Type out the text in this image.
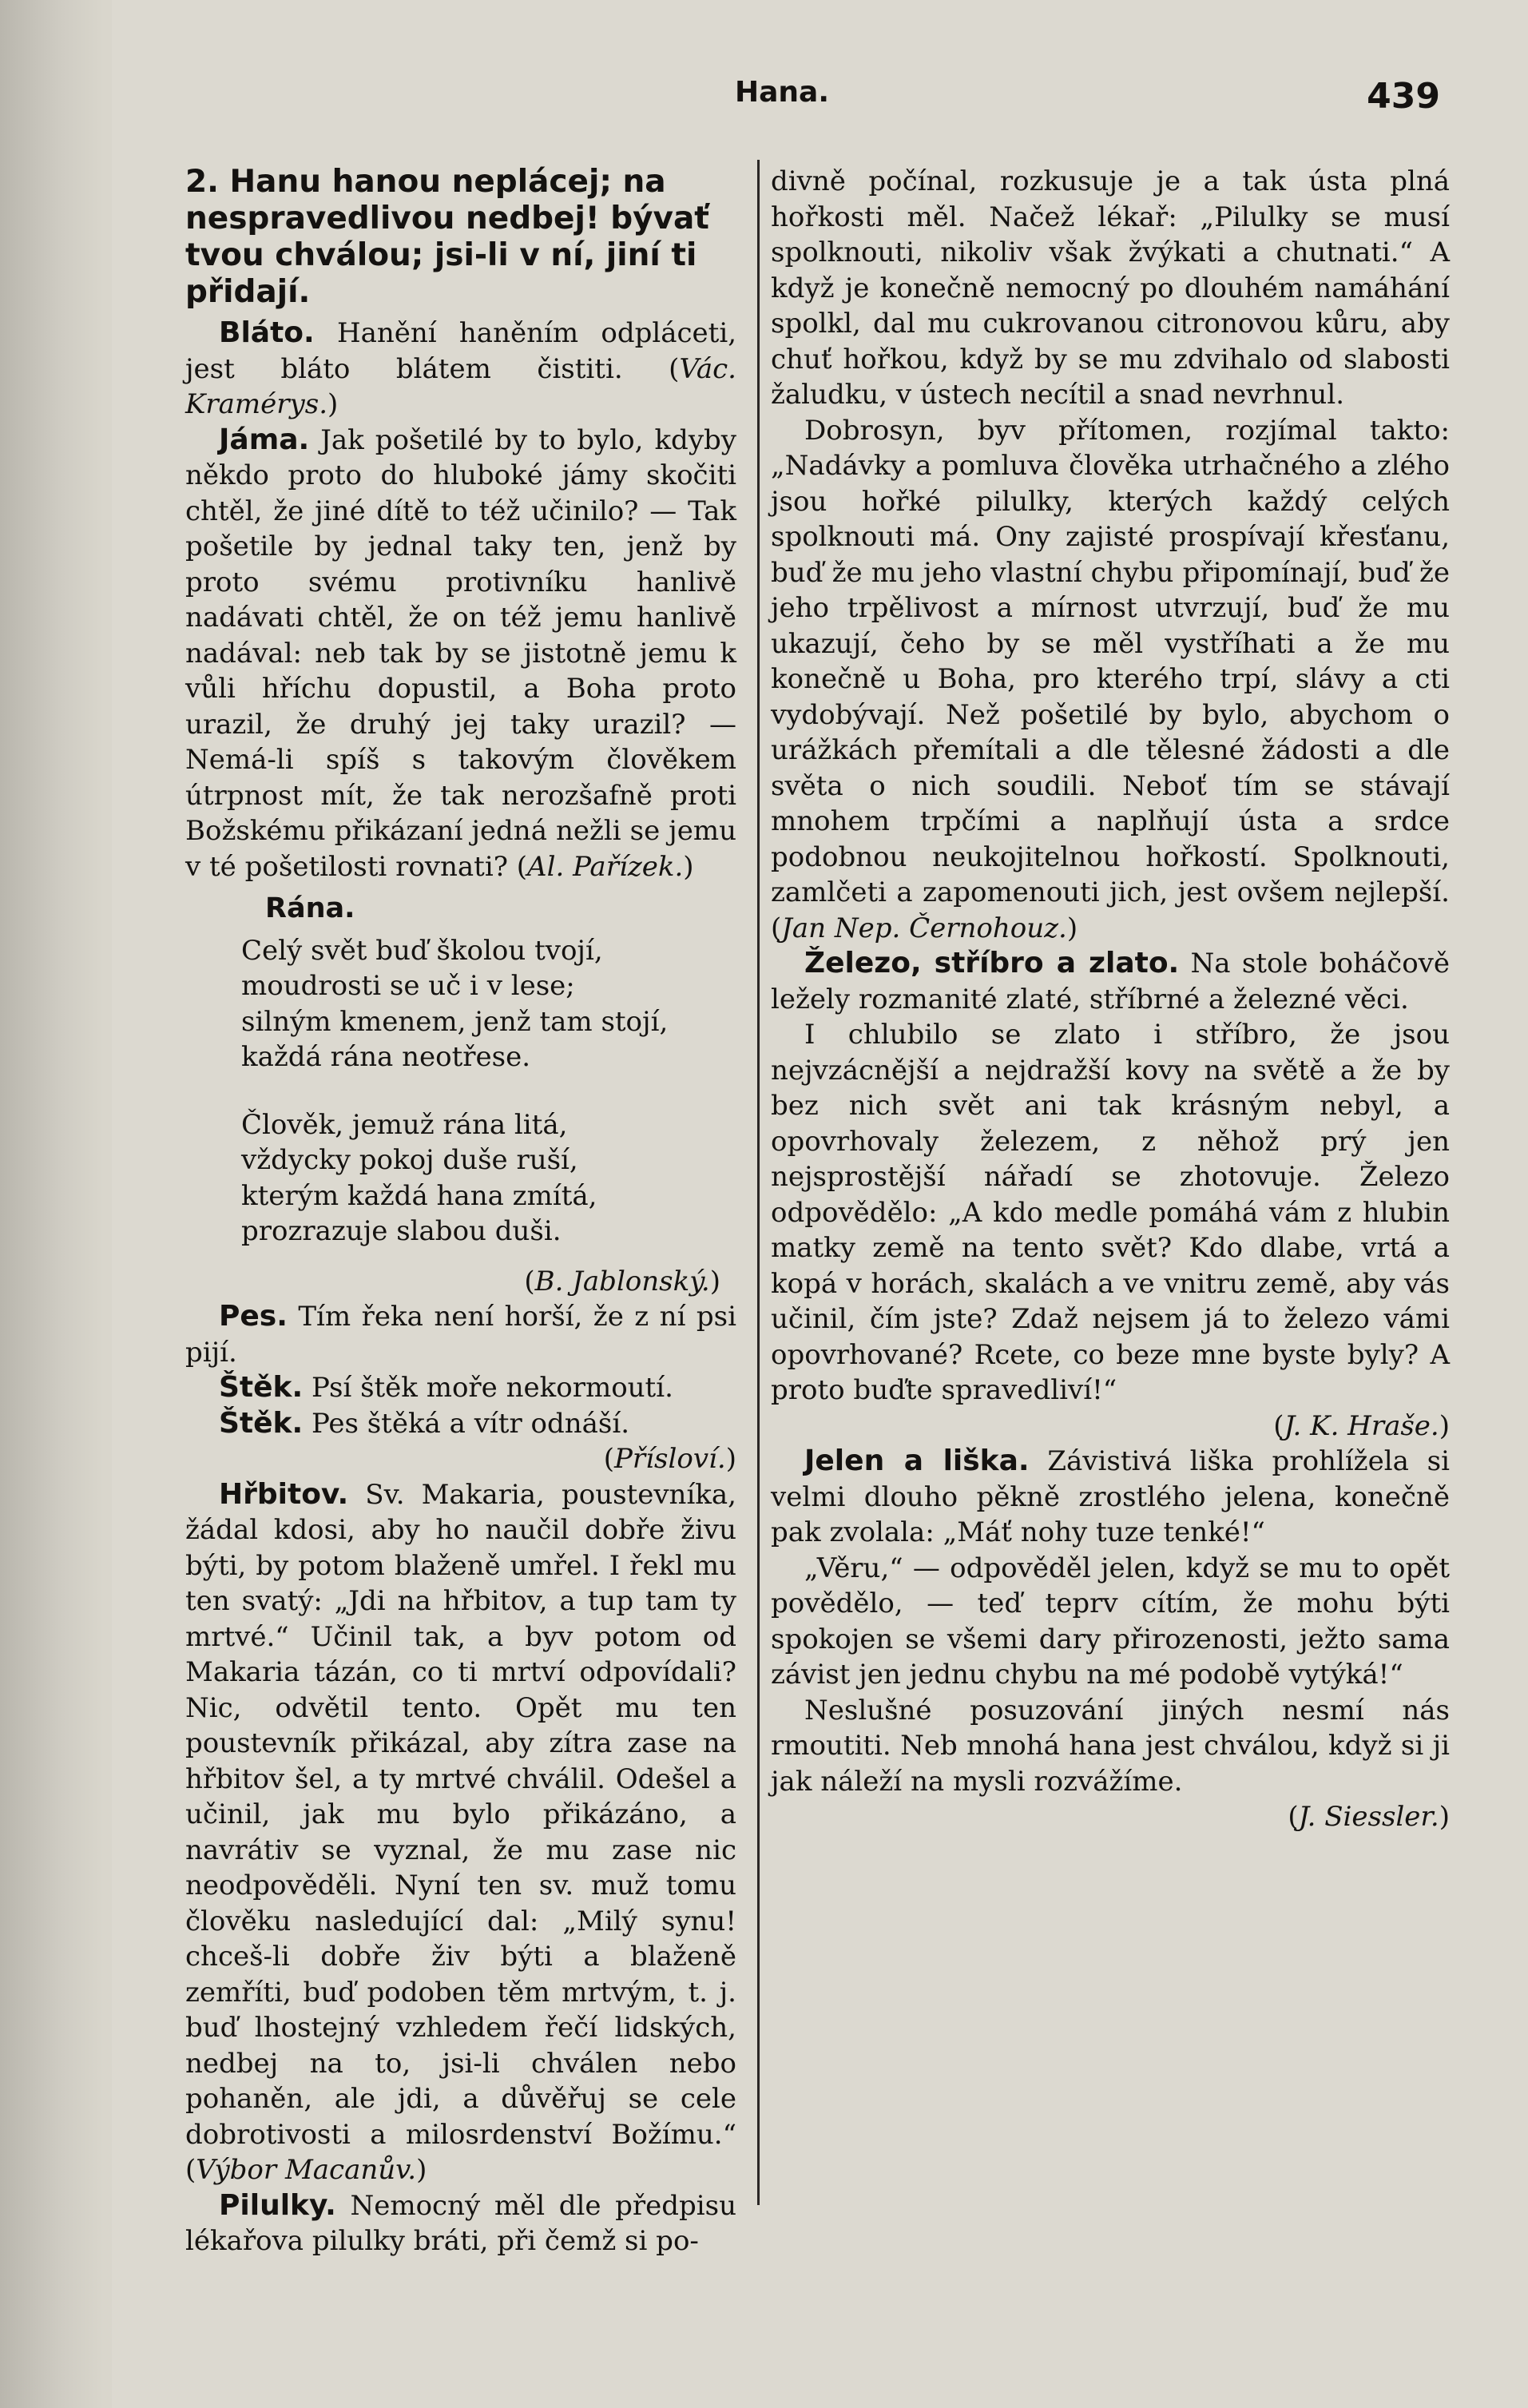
Hana.	439

2. Hanu hanou neplácej; na nespravedlivou nedbej! bývať tvou chválou; jsi-li v ní, jiní ti přidají.

Bláto. Hanění haněním odpláceti, jest bláto blátem čistiti. (Vác. Kramérys.)

Jáma. Jak pošetilé by to bylo, kdyby někdo proto do hluboké jámy skočiti chtěl, že jiné dítě to též učinilo? — Tak pošetile by jednal taky ten, jenž by proto svému protivníku hanlivě nadávati chtěl, že on též jemu hanlivě nadával: neb tak by se jistotně jemu k vůli hříchu dopustil, a Boha proto urazil, že druhý jej taky urazil? — Nemá-li spíš s takovým člověkem útrpnost mít, že tak nerozšafně proti Božskému přikázaní jedná nežli se jemu v té pošetilosti rovnati? (Al. Pařízek.)

Rána.
Celý svět buď školou tvojí,
moudrosti se uč i v lese;
silným kmenem, jenž tam stojí,
každá rána neotřese.
Člověk, jemuž rána litá,
vždycky pokoj duše ruší,
kterým každá hana zmítá,
prozrazuje slabou duši.

(B. Jablonský.)

Pes. Tím řeka není horší, že z ní psi pijí.

Štěk. Psí štěk moře nekormoutí.

Štěk. Pes štěká a vítr odnáší.

(Přísloví.)

Hřbitov. Sv. Makaria, poustevníka, žádal kdosi, aby ho naučil dobře živu býti, by potom blaženě umřel. I řekl mu ten svatý: „Jdi na hřbitov, a tup tam ty mrtvé.“ Učinil tak, a byv potom od Makaria tázán, co ti mrtví odpovídali? Nic, odvětil tento. Opět mu ten poustevník přikázal, aby zítra zase na hřbitov šel, a ty mrtvé chválil. Odešel a učinil, jak mu bylo přikázáno, a navrátiv se vyznal, že mu zase nic neodpověděli. Nyní ten sv. muž tomu člověku nasledující dal: „Milý synu! chceš-li dobře živ býti a blaženě zemříti, buď podoben těm mrtvým, t. j. buď lhostejný vzhledem řečí lidských, nedbej na to, jsi-li chválen nebo pohaněn, ale jdi, a důvěřuj se cele dobrotivosti a milosrdenství Božímu.“ (Výbor Macanův.)

Pilulky. Nemocný měl dle předpisu lékařova pilulky bráti, při čemž si po-

divně počínal, rozkusuje je a tak ústa plná hořkosti měl. Načež lékař: „Pilulky se musí spolknouti, nikoliv však žvýkati a chutnati.“ A když je konečně nemocný po dlouhém namáhání spolkl, dal mu cukrovanou citronovou kůru, aby chuť hořkou, když by se mu zdvihalo od slabosti žaludku, v ústech necítil a snad nevrhnul.

Dobrosyn, byv přítomen, rozjímal takto: „Nadávky a pomluva člověka utrhačného a zlého jsou hořké pilulky, kterých každý celých spolknouti má. Ony zajisté prospívají křesťanu, buď že mu jeho vlastní chybu připomínají, buď že jeho trpělivost a mírnost utvrzují, buď že mu ukazují, čeho by se měl vystříhati a že mu konečně u Boha, pro kterého trpí, slávy a cti vydobývají. Než pošetilé by bylo, abychom o urážkách přemítali a dle tělesné žádosti a dle světa o nich soudili. Neboť tím se stávají mnohem trpčími a naplňují ústa a srdce podobnou neukojitelnou hořkostí. Spolknouti, zamlčeti a zapomenouti jich, jest ovšem nejlepší. (Jan Nep. Černohouz.)

Železo, stříbro a zlato. Na stole boháčově ležely rozmanité zlaté, stříbrné a železné věci.

I chlubilo se zlato i stříbro, že jsou nejvzácnější a nejdražší kovy na světě a že by bez nich svět ani tak krásným nebyl, a opovrhovaly železem, z něhož prý jen nejsprostější nářadí se zhotovuje. Železo odpovědělo: „A kdo medle pomáhá vám z hlubin matky země na tento svět? Kdo dlabe, vrtá a kopá v horách, skalách a ve vnitru země, aby vás učinil, čím jste? Zdaž nejsem já to železo vámi opovrhované? Rcete, co beze mne byste byly? A proto buďte spravedliví!“

(J. K. Hraše.)

Jelen a liška. Závistivá liška prohlížela si velmi dlouho pěkně zrostlého jelena, konečně pak zvolala: „Máť nohy tuze tenké!“

„Věru,“ — odpověděl jelen, když se mu to opět povědělo, — teď teprv cítím, že mohu býti spokojen se všemi dary přirozenosti, ježto sama závist jen jednu chybu na mé podobě vytýká!“

Neslušné posuzování jiných nesmí nás rmoutiti. Neb mnohá hana jest chválou, když si ji jak náleží na mysli rozvážíme.

(J. Siessler.)
